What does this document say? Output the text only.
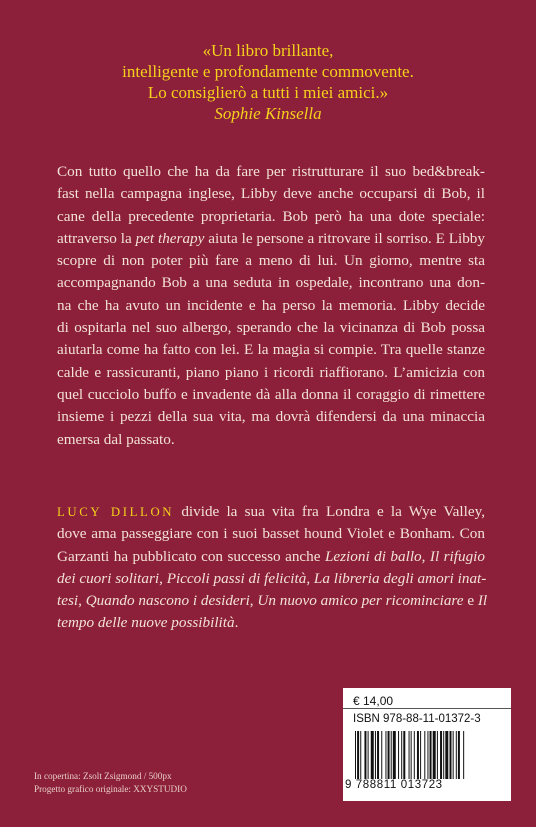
«Un libro brillante,
intelligente e profondamente commovente.
Lo consiglierò a tutti i miei amici.»
Sophie Kinsella
Con tutto quello che ha da fare per ristrutturare il suo bed&break-
fast nella campagna inglese, Libby deve anche occuparsi di Bob, il
cane della precedente proprietaria. Bob però ha una dote speciale:
attraverso la pet therapy aiuta le persone a ritrovare il sorriso. E Libby
scopre di non poter più fare a meno di lui. Un giorno, mentre sta
accompagnando Bob a una seduta in ospedale, incontrano una don-
na che ha avuto un incidente e ha perso la memoria. Libby decide
di ospitarla nel suo albergo, sperando che la vicinanza di Bob possa
aiutarla come ha fatto con lei. E la magia si compie. Tra quelle stanze
calde e rassicuranti, piano piano i ricordi riaffiorano. L’amicizia con
quel cucciolo buffo e invadente dà alla donna il coraggio di rimettere
insieme i pezzi della sua vita, ma dovrà difendersi da una minaccia
emersa dal passato.
LUCY DILLON divide la sua vita fra Londra e la Wye Valley,
dove ama passeggiare con i suoi basset hound Violet e Bonham. Con
Garzanti ha pubblicato con successo anche Lezioni di ballo, Il rifugio
dei cuori solitari, Piccoli passi di felicità, La libreria degli amori inat-
tesi, Quando nascono i desideri, Un nuovo amico per ricominciare e Il
tempo delle nuove possibilità.
In copertina: Zsolt Zsigmond / 500px
Progetto grafico originale: XXYSTUDIO
€ 14,00
ISBN 978-88-11-01372-3
9 788811 013723
